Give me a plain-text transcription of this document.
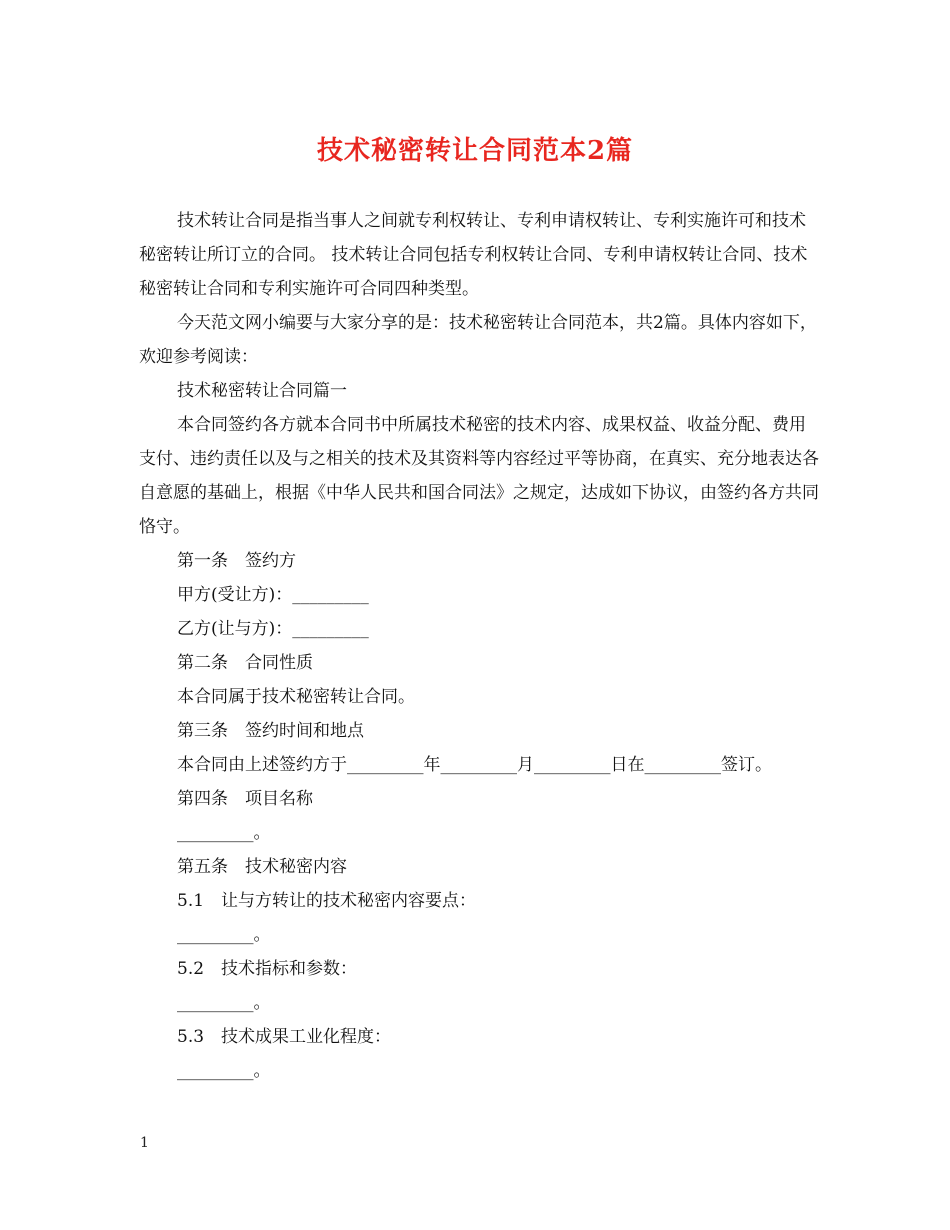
技术秘密转让合同范本2篇

技术转让合同是指当事人之间就专利权转让、专利申请权转让、专利实施许可和技术秘密转让所订立的合同。 技术转让合同包括专利权转让合同、专利申请权转让合同、技术秘密转让合同和专利实施许可合同四种类型。

今天范文网小编要与大家分享的是：技术秘密转让合同范本，共2篇。具体内容如下，欢迎参考阅读：

技术秘密转让合同篇一

本合同签约各方就本合同书中所属技术秘密的技术内容、成果权益、收益分配、费用支付、违约责任以及与之相关的技术及其资料等内容经过平等协商，在真实、充分地表达各自意愿的基础上，根据《中华人民共和国合同法》之规定，达成如下协议，由签约各方共同恪守。

第一条　签约方
甲方(受让方)：_________
乙方(让与方)：_________
第二条　合同性质
本合同属于技术秘密转让合同。
第三条　签约时间和地点
本合同由上述签约方于_________年_________月_________日在_________签订。
第四条　项目名称
_________。
第五条　技术秘密内容
5.1　让与方转让的技术秘密内容要点：
_________。
5.2　技术指标和参数：
_________。
5.3　技术成果工业化程度：
_________。
1
